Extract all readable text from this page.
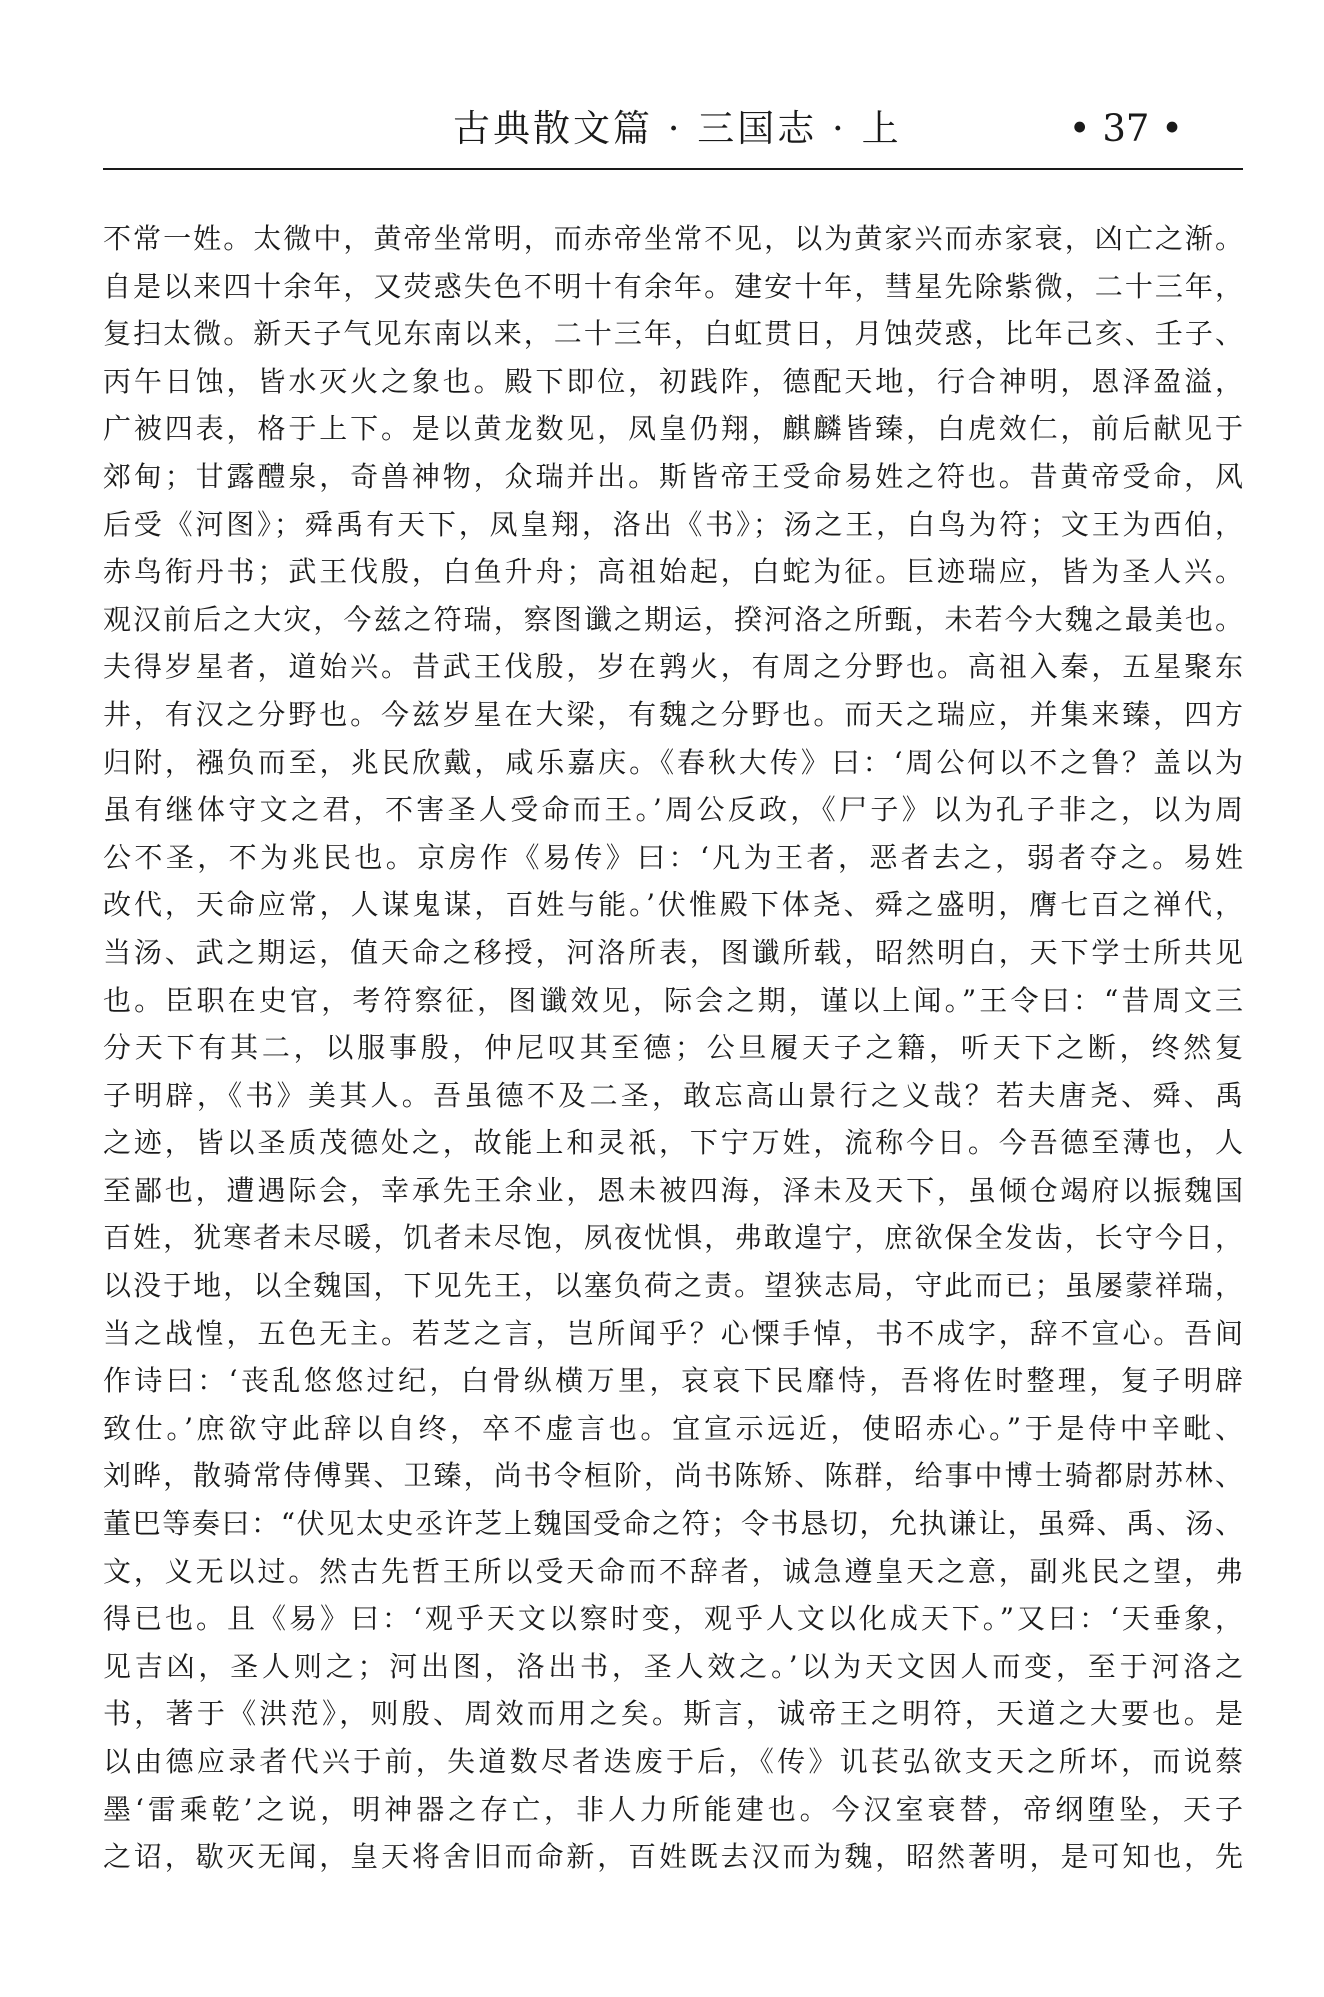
古典散文篇 · 三国志 · 上	• 37 •
不常一姓。太微中，黄帝坐常明，而赤帝坐常不见，以为黄家兴而赤家衰，凶亡之渐。
自是以来四十余年，又荧惑失色不明十有余年。建安十年，彗星先除紫微，二十三年，
复扫太微。新天子气见东南以来，二十三年，白虹贯日，月蚀荧惑，比年己亥、壬子、
丙午日蚀，皆水灭火之象也。殿下即位，初践阼，德配天地，行合神明，恩泽盈溢，
广被四表，格于上下。是以黄龙数见，凤皇仍翔，麒麟皆臻，白虎效仁，前后献见于
郊甸；甘露醴泉，奇兽神物，众瑞并出。斯皆帝王受命易姓之符也。昔黄帝受命，风
后受《河图》；舜禹有天下，凤皇翔，洛出《书》；汤之王，白鸟为符；文王为西伯，
赤鸟衔丹书；武王伐殷，白鱼升舟；高祖始起，白蛇为征。巨迹瑞应，皆为圣人兴。
观汉前后之大灾，今兹之符瑞，察图谶之期运，揆河洛之所甄，未若今大魏之最美也。
夫得岁星者，道始兴。昔武王伐殷，岁在鹑火，有周之分野也。高祖入秦，五星聚东
井，有汉之分野也。今兹岁星在大梁，有魏之分野也。而天之瑞应，并集来臻，四方
归附，襁负而至，兆民欣戴，咸乐嘉庆。《春秋大传》曰：‘周公何以不之鲁？盖以为
虽有继体守文之君，不害圣人受命而王。’周公反政，《尸子》以为孔子非之，以为周
公不圣，不为兆民也。京房作《易传》曰：‘凡为王者，恶者去之，弱者夺之。易姓
改代，天命应常，人谋鬼谋，百姓与能。’伏惟殿下体尧、舜之盛明，膺七百之禅代，
当汤、武之期运，值天命之移授，河洛所表，图谶所载，昭然明白，天下学士所共见
也。臣职在史官，考符察征，图谶效见，际会之期，谨以上闻。”王令曰：“昔周文三
分天下有其二，以服事殷，仲尼叹其至德；公旦履天子之籍，听天下之断，终然复
子明辟，《书》美其人。吾虽德不及二圣，敢忘高山景行之义哉？若夫唐尧、舜、禹
之迹，皆以圣质茂德处之，故能上和灵祇，下宁万姓，流称今日。今吾德至薄也，人
至鄙也，遭遇际会，幸承先王余业，恩未被四海，泽未及天下，虽倾仓竭府以振魏国
百姓，犹寒者未尽暖，饥者未尽饱，夙夜忧惧，弗敢遑宁，庶欲保全发齿，长守今日，
以没于地，以全魏国，下见先王，以塞负荷之责。望狭志局，守此而已；虽屡蒙祥瑞，
当之战惶，五色无主。若芝之言，岂所闻乎？心慄手悼，书不成字，辞不宣心。吾间
作诗曰：‘丧乱悠悠过纪，白骨纵横万里，哀哀下民靡恃，吾将佐时整理，复子明辟
致仕。’庶欲守此辞以自终，卒不虚言也。宜宣示远近，使昭赤心。”于是侍中辛毗、
刘晔，散骑常侍傅巽、卫臻，尚书令桓阶，尚书陈矫、陈群，给事中博士骑都尉苏林、
董巴等奏曰：“伏见太史丞许芝上魏国受命之符；令书恳切，允执谦让，虽舜、禹、汤、
文，义无以过。然古先哲王所以受天命而不辞者，诚急遵皇天之意，副兆民之望，弗
得已也。且《易》曰：‘观乎天文以察时变，观乎人文以化成天下。”又曰：‘天垂象，
见吉凶，圣人则之；河出图，洛出书，圣人效之。’以为天文因人而变，至于河洛之
书，著于《洪范》，则殷、周效而用之矣。斯言，诚帝王之明符，天道之大要也。是
以由德应录者代兴于前，失道数尽者迭废于后，《传》讥苌弘欲支天之所坏，而说蔡
墨‘雷乘乾’之说，明神器之存亡，非人力所能建也。今汉室衰替，帝纲堕坠，天子
之诏，歇灭无闻，皇天将舍旧而命新，百姓既去汉而为魏，昭然著明，是可知也，先
